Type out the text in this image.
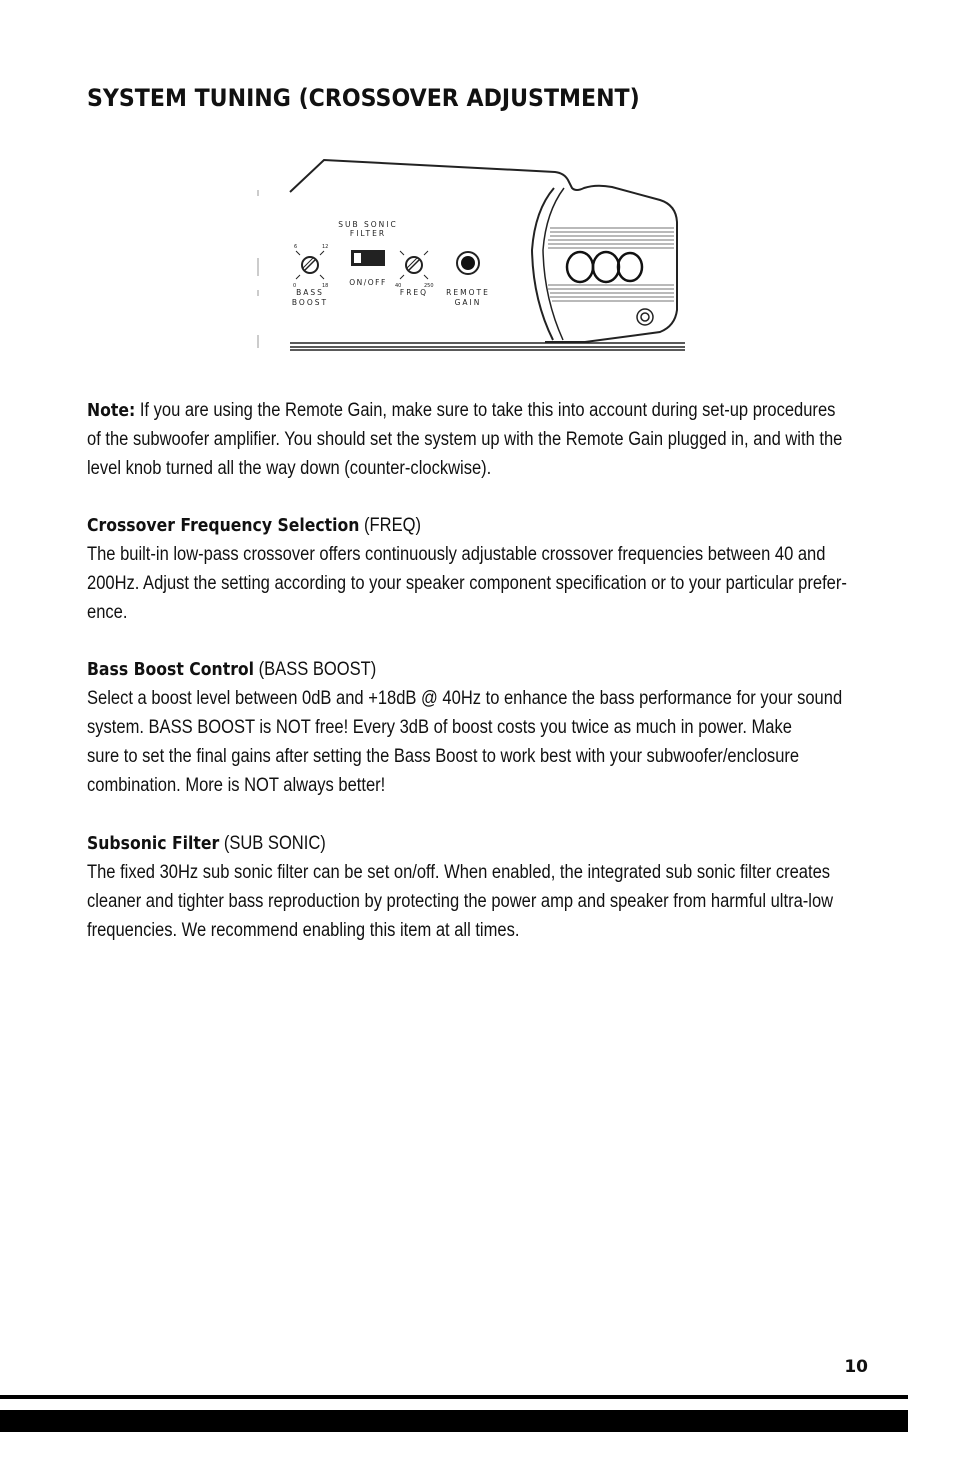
SYSTEM TUNING (CROSSOVER ADJUSTMENT)
SUB SONIC
FILTER
ON/OFF
6	12
0	18
BASS
BOOST
40	250
FREQ REMOTE
GAIN
Note: If you are using the Remote Gain, make sure to take this into account during set-up procedures
of the subwoofer amplifier. You should set the system up with the Remote Gain plugged in, and with the
level knob turned all the way down (counter-clockwise).
Crossover Frequency Selection (FREQ)
The built-in low-pass crossover offers continuously adjustable crossover frequencies between 40 and
200Hz. Adjust the setting according to your speaker component specification or to your particular prefer-
ence.
Bass Boost Control (BASS BOOST)
Select a boost level between 0dB and +18dB @ 40Hz to enhance the bass performance for your sound
system. BASS BOOST is NOT free! Every 3dB of boost costs you twice as much in power. Make
sure to set the final gains after setting the Bass Boost to work best with your subwoofer/enclosure
combination. More is NOT always better!
Subsonic Filter (SUB SONIC)
The fixed 30Hz sub sonic filter can be set on/off. When enabled, the integrated sub sonic filter creates
cleaner and tighter bass reproduction by protecting the power amp and speaker from harmful ultra-low
frequencies. We recommend enabling this item at all times.
10
